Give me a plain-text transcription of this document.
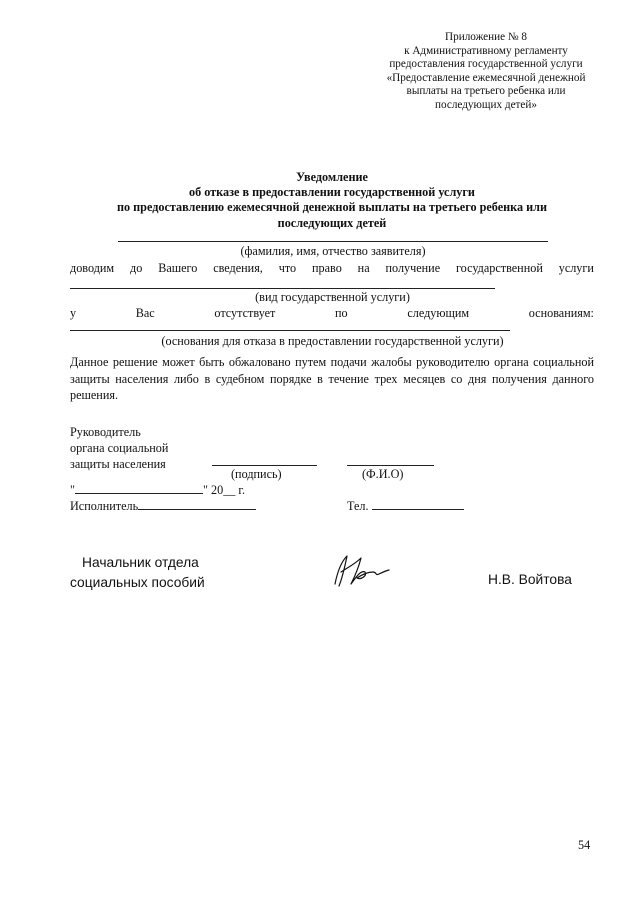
Приложение № 8
к Административному регламенту
предоставления государственной услуги
«Предоставление ежемесячной денежной
выплаты на третьего ребенка или
последующих детей»
Уведомление
об отказе в предоставлении государственной услуги
по предоставлению ежемесячной денежной выплаты на третьего ребенка или
последующих детей
(фамилия, имя, отчество заявителя)
доводим до Вашего сведения, что право на получение государственной услуги
(вид государственной услуги)
у	Вас	отсутствует	по	следующим	основаниям:
(основания для отказа в предоставлении государственной услуги)
Данное решение может быть обжаловано путем подачи жалобы руководителю органа социальной защиты населения либо в судебном порядке в течение трех месяцев со дня получения данного решения.
Руководитель
органа социальной
защиты населения
(подпись)	(Ф.И.О)
"	" 20__ г.
Исполнитель	Тел.
Начальник отдела
социальных пособий	Н.В. Войтова
54
